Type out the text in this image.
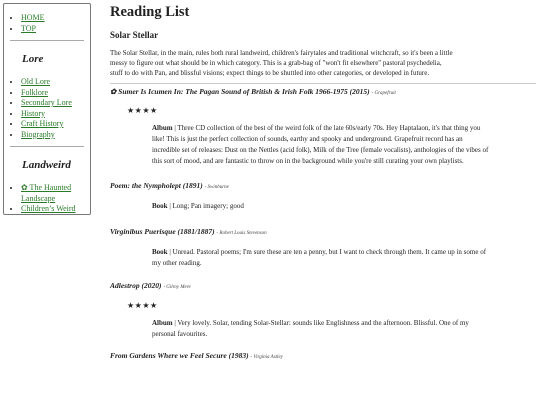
• HOME
• TOP
Lore
• Old Lore
• Folklore
• Secondary Lore
• History
• Craft History
• Biography
Landweird
• ✿ The Haunted Landscape
• Children’s Weird
Reading List
Solar Stellar

The Solar Stellar, in the main, rules both rural landweird, children's fairytales and traditional witchcraft, so it's been a little messy to figure out what should be in which category. This is a grab-bag of "won't fit elsewhere" pastoral psychedelia, stuff to do with Pan, and blissful visions; expect things to be shuttled into other categories, or developed in future.

✿ Sumer Is Icumen In: The Pagan Sound of British & Irish Folk 1966-1975 (2015) - Grapefruit
★★★★
Album | Three CD collection of the best of the weird folk of the late 60s/early 70s. Hey Haptalaon, it's that thing you like! This is just the perfect collection of sounds, earthy and spooky and underground. Grapefruit record has an incredible set of releases: Dust on the Nettles (acid folk), Milk of the Tree (female vocalists), anthologies of the vibes of this sort of mood, and are fantastic to throw on in the background while you're still curating your own playlists.
Poem: the Nympholept (1891) - Swinburne
Book | Long; Pan imagery; good
Virginibus Puerisque (1881/1887) - Robert Louis Stevenson
Book | Unread. Pastoral poems; I'm sure these are ten a penny, but I want to check through them. It came up in some of my other reading.
Adlestrop (2020) - Gilroy Mere
★★★★
Album | Very lovely. Solar, tending Solar-Stellar: sounds like Englishness and the afternoon. Blissful. One of my personal favourites.
From Gardens Where we Feel Secure (1983) - Virginia Astley
